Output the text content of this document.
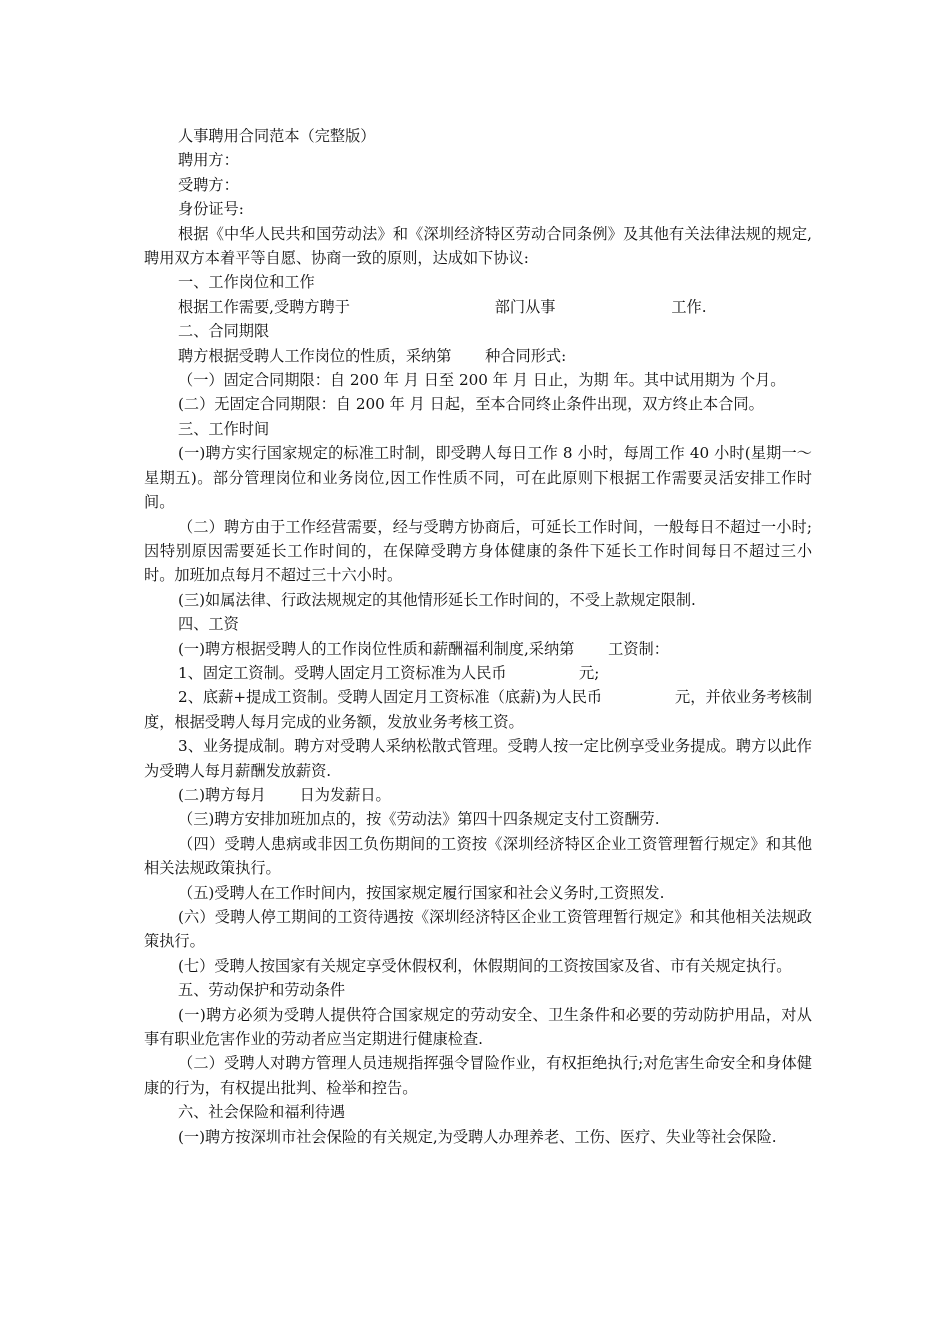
人事聘用合同范本（完整版）

聘用方：

受聘方：

身份证号:

根据《中华人民共和国劳动法》和《深圳经济特区劳动合同条例》及其他有关法律法规的规定,聘用双方本着平等自愿、协商一致的原则，达成如下协议:

一、工作岗位和工作

根据工作需要,受聘方聘于                              部门从事                        工作.

二、合同期限

聘方根据受聘人工作岗位的性质，采纳第       种合同形式:

（一）固定合同期限：自 200 年 月 日至 200 年 月 日止，为期 年。其中试用期为 个月。

(二）无固定合同期限：自 200 年 月 日起，至本合同终止条件出现，双方终止本合同。

三、工作时间

(一)聘方实行国家规定的标准工时制，即受聘人每日工作 8 小时，每周工作 40 小时(星期一～星期五)。部分管理岗位和业务岗位,因工作性质不同，可在此原则下根据工作需要灵活安排工作时间。

（二）聘方由于工作经营需要，经与受聘方协商后，可延长工作时间，一般每日不超过一小时;因特别原因需要延长工作时间的，在保障受聘方身体健康的条件下延长工作时间每日不超过三小时。加班加点每月不超过三十六小时。

(三)如属法律、行政法规规定的其他情形延长工作时间的，不受上款规定限制.

四、工资

(一)聘方根据受聘人的工作岗位性质和薪酬福利制度,采纳第       工资制：

1、固定工资制。受聘人固定月工资标准为人民币               元;

2、底薪+提成工资制。受聘人固定月工资标准（底薪)为人民币               元，并依业务考核制度，根据受聘人每月完成的业务额，发放业务考核工资。

3、业务提成制。聘方对受聘人采纳松散式管理。受聘人按一定比例享受业务提成。聘方以此作为受聘人每月薪酬发放薪资.

(二)聘方每月       日为发薪日。

（三)聘方安排加班加点的，按《劳动法》第四十四条规定支付工资酬劳.

（四）受聘人患病或非因工负伤期间的工资按《深圳经济特区企业工资管理暂行规定》和其他相关法规政策执行。

（五)受聘人在工作时间内，按国家规定履行国家和社会义务时,工资照发.

(六）受聘人停工期间的工资待遇按《深圳经济特区企业工资管理暂行规定》和其他相关法规政策执行。

(七）受聘人按国家有关规定享受休假权利，休假期间的工资按国家及省、市有关规定执行。

五、劳动保护和劳动条件

(一)聘方必须为受聘人提供符合国家规定的劳动安全、卫生条件和必要的劳动防护用品，对从事有职业危害作业的劳动者应当定期进行健康检查.

（二）受聘人对聘方管理人员违规指挥强令冒险作业，有权拒绝执行;对危害生命安全和身体健康的行为，有权提出批判、检举和控告。

六、社会保险和福利待遇

(一)聘方按深圳市社会保险的有关规定,为受聘人办理养老、工伤、医疗、失业等社会保险.
